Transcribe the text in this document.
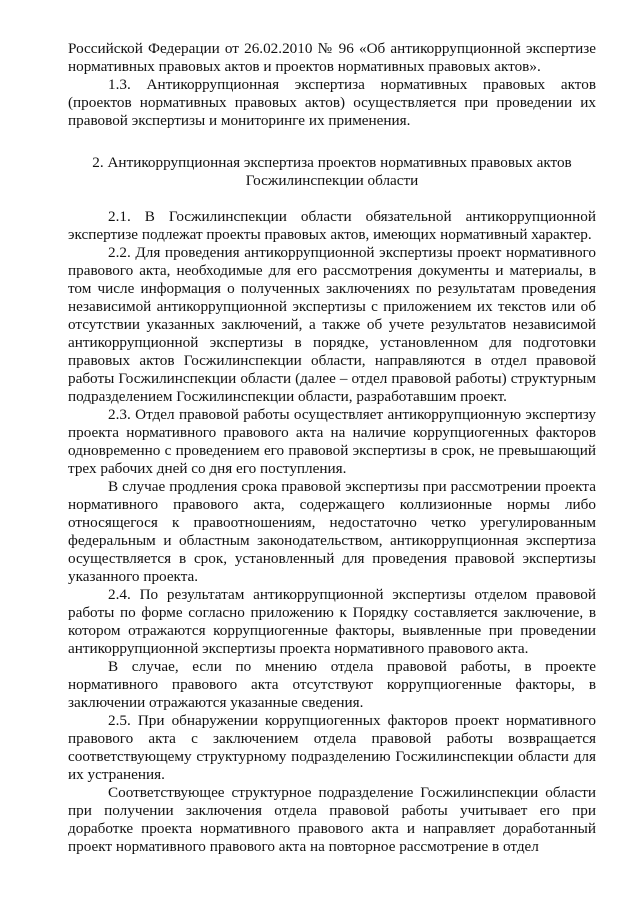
Российской Федерации от 26.02.2010 № 96 «Об антикоррупционной экспертизе нормативных правовых актов и проектов нормативных правовых актов».

1.3. Антикоррупционная экспертиза нормативных правовых актов (проектов нормативных правовых актов) осуществляется при проведении их правовой экспертизы и мониторинге их применения.

2. Антикоррупционная экспертиза проектов нормативных правовых актов
Госжилинспекции области

2.1. В Госжилинспекции области обязательной антикоррупционной экспертизе подлежат проекты правовых актов, имеющих нормативный характер.

2.2. Для проведения антикоррупционной экспертизы проект нормативного правового акта, необходимые для его рассмотрения документы и материалы, в том числе информация о полученных заключениях по результатам проведения независимой антикоррупционной экспертизы с приложением их текстов или об отсутствии указанных заключений, а также об учете результатов независимой антикоррупционной экспертизы в порядке, установленном для подготовки правовых актов Госжилинспекции области, направляются в отдел правовой работы Госжилинспекции области (далее – отдел правовой работы) структурным подразделением Госжилинспекции области, разработавшим проект.

2.3. Отдел правовой работы осуществляет антикоррупционную экспертизу проекта нормативного правового акта на наличие коррупциогенных факторов одновременно с проведением его правовой экспертизы в срок, не превышающий трех рабочих дней со дня его поступления.

В случае продления срока правовой экспертизы при рассмотрении проекта нормативного правового акта, содержащего коллизионные нормы либо относящегося к правоотношениям, недостаточно четко урегулированным федеральным и областным законодательством, антикоррупционная экспертиза осуществляется в срок, установленный для проведения правовой экспертизы указанного проекта.

2.4. По результатам антикоррупционной экспертизы отделом правовой работы по форме согласно приложению к Порядку составляется заключение, в котором отражаются коррупциогенные факторы, выявленные при проведении антикоррупционной экспертизы проекта нормативного правового акта.

В случае, если по мнению отдела правовой работы, в проекте нормативного правового акта отсутствуют коррупциогенные факторы, в заключении отражаются указанные сведения.

2.5. При обнаружении коррупциогенных факторов проект нормативного правового акта с заключением отдела правовой работы возвращается соответствующему структурному подразделению Госжилинспекции области для их устранения.

Соответствующее структурное подразделение Госжилинспекции области при получении заключения отдела правовой работы учитывает его при доработке проекта нормативного правового акта и направляет доработанный проект нормативного правового акта на повторное рассмотрение в отдел
